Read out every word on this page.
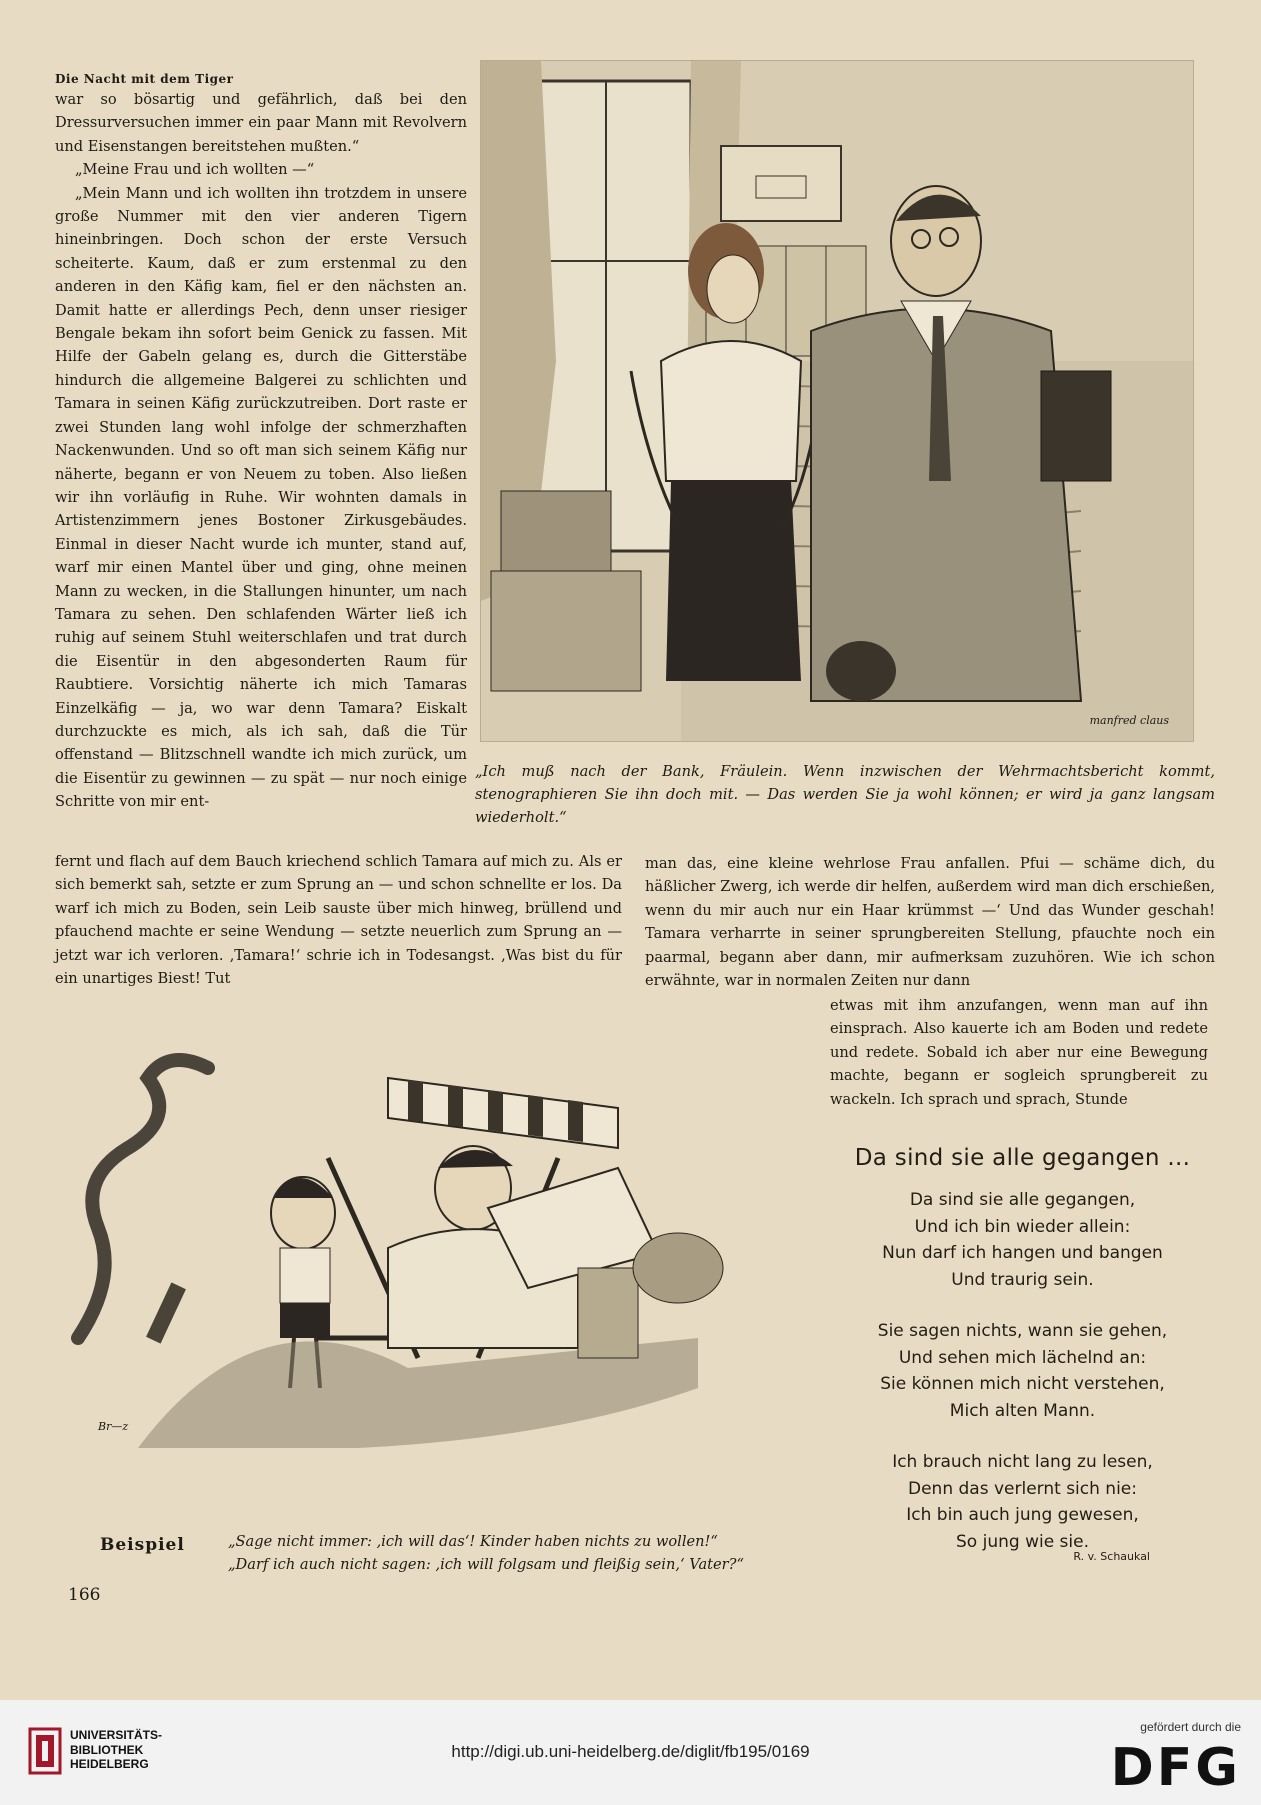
Die Nacht mit dem Tiger

war so bösartig und gefährlich, daß bei den Dressurversuchen immer ein paar Mann mit Revolvern und Eisenstangen bereitstehen mußten.“

„Meine Frau und ich wollten —“

„Mein Mann und ich wollten ihn trotzdem in unsere große Nummer mit den vier anderen Tigern hineinbringen. Doch schon der erste Versuch scheiterte. Kaum, daß er zum erstenmal zu den anderen in den Käfig kam, fiel er den nächsten an. Damit hatte er allerdings Pech, denn unser riesiger Bengale bekam ihn sofort beim Genick zu fassen. Mit Hilfe der Gabeln gelang es, durch die Gitterstäbe hindurch die allgemeine Balgerei zu schlichten und Tamara in seinen Käfig zurückzutreiben. Dort raste er zwei Stunden lang wohl infolge der schmerzhaften Nackenwunden. Und so oft man sich seinem Käfig nur näherte, begann er von Neuem zu toben. Also ließen wir ihn vorläufig in Ruhe. Wir wohnten damals in Artistenzimmern jenes Bostoner Zirkusgebäudes. Einmal in dieser Nacht wurde ich munter, stand auf, warf mir einen Mantel über und ging, ohne meinen Mann zu wecken, in die Stallungen hinunter, um nach Tamara zu sehen. Den schlafenden Wärter ließ ich ruhig auf seinem Stuhl weiterschlafen und trat durch die Eisentür in den abgesonderten Raum für Raubtiere. Vorsichtig näherte ich mich Tamaras Einzelkäfig — ja, wo war denn Tamara? Eiskalt durchzuckte es mich, als ich sah, daß die Tür offenstand — Blitzschnell wandte ich mich zurück, um die Eisentür zu gewinnen — zu spät — nur noch einige Schritte von mir ent-

manfred claus
„Ich muß nach der Bank, Fräulein. Wenn inzwischen der Wehrmachtsbericht kommt, stenographieren Sie ihn doch mit. — Das werden Sie ja wohl können; er wird ja ganz langsam wiederholt.“

fernt und flach auf dem Bauch kriechend schlich Tamara auf mich zu. Als er sich bemerkt sah, setzte er zum Sprung an — und schon schnellte er los. Da warf ich mich zu Boden, sein Leib sauste über mich hinweg, brüllend und pfauchend machte er seine Wendung — setzte neuerlich zum Sprung an — jetzt war ich verloren. ‚Tamara!‘ schrie ich in Todesangst. ‚Was bist du für ein unartiges Biest! Tut

man das, eine kleine wehrlose Frau anfallen. Pfui — schäme dich, du häßlicher Zwerg, ich werde dir helfen, außerdem wird man dich erschießen, wenn du mir auch nur ein Haar krümmst —‘ Und das Wunder geschah! Tamara verharrte in seiner sprungbereiten Stellung, pfauchte noch ein paarmal, begann aber dann, mir aufmerksam zuzuhören. Wie ich schon erwähnte, war in normalen Zeiten nur dann

etwas mit ihm anzufangen, wenn man auf ihn einsprach. Also kauerte ich am Boden und redete und redete. Sobald ich aber nur eine Bewegung machte, begann er sogleich sprungbereit zu wackeln. Ich sprach und sprach, Stunde

Br—z
Beispiel	„Sage nicht immer: ‚ich will das‘! Kinder haben nichts zu wollen!“
„Darf ich auch nicht sagen: ‚ich will folgsam und fleißig sein,‘ Vater?“
Da sind sie alle gegangen ...
Da sind sie alle gegangen,
Und ich bin wieder allein:
Nun darf ich hangen und bangen
Und traurig sein.
Sie sagen nichts, wann sie gehen,
Und sehen mich lächelnd an:
Sie können mich nicht verstehen,
Mich alten Mann.
Ich brauch nicht lang zu lesen,
Denn das verlernt sich nie:
Ich bin auch jung gewesen,
So jung wie sie.
R. v. Schaukal
166
UNIVERSITÄTS-
BIBLIOTHEK
HEIDELBERG
http://digi.ub.uni-heidelberg.de/diglit/fb195/0169
gefördert durch die
DFG
